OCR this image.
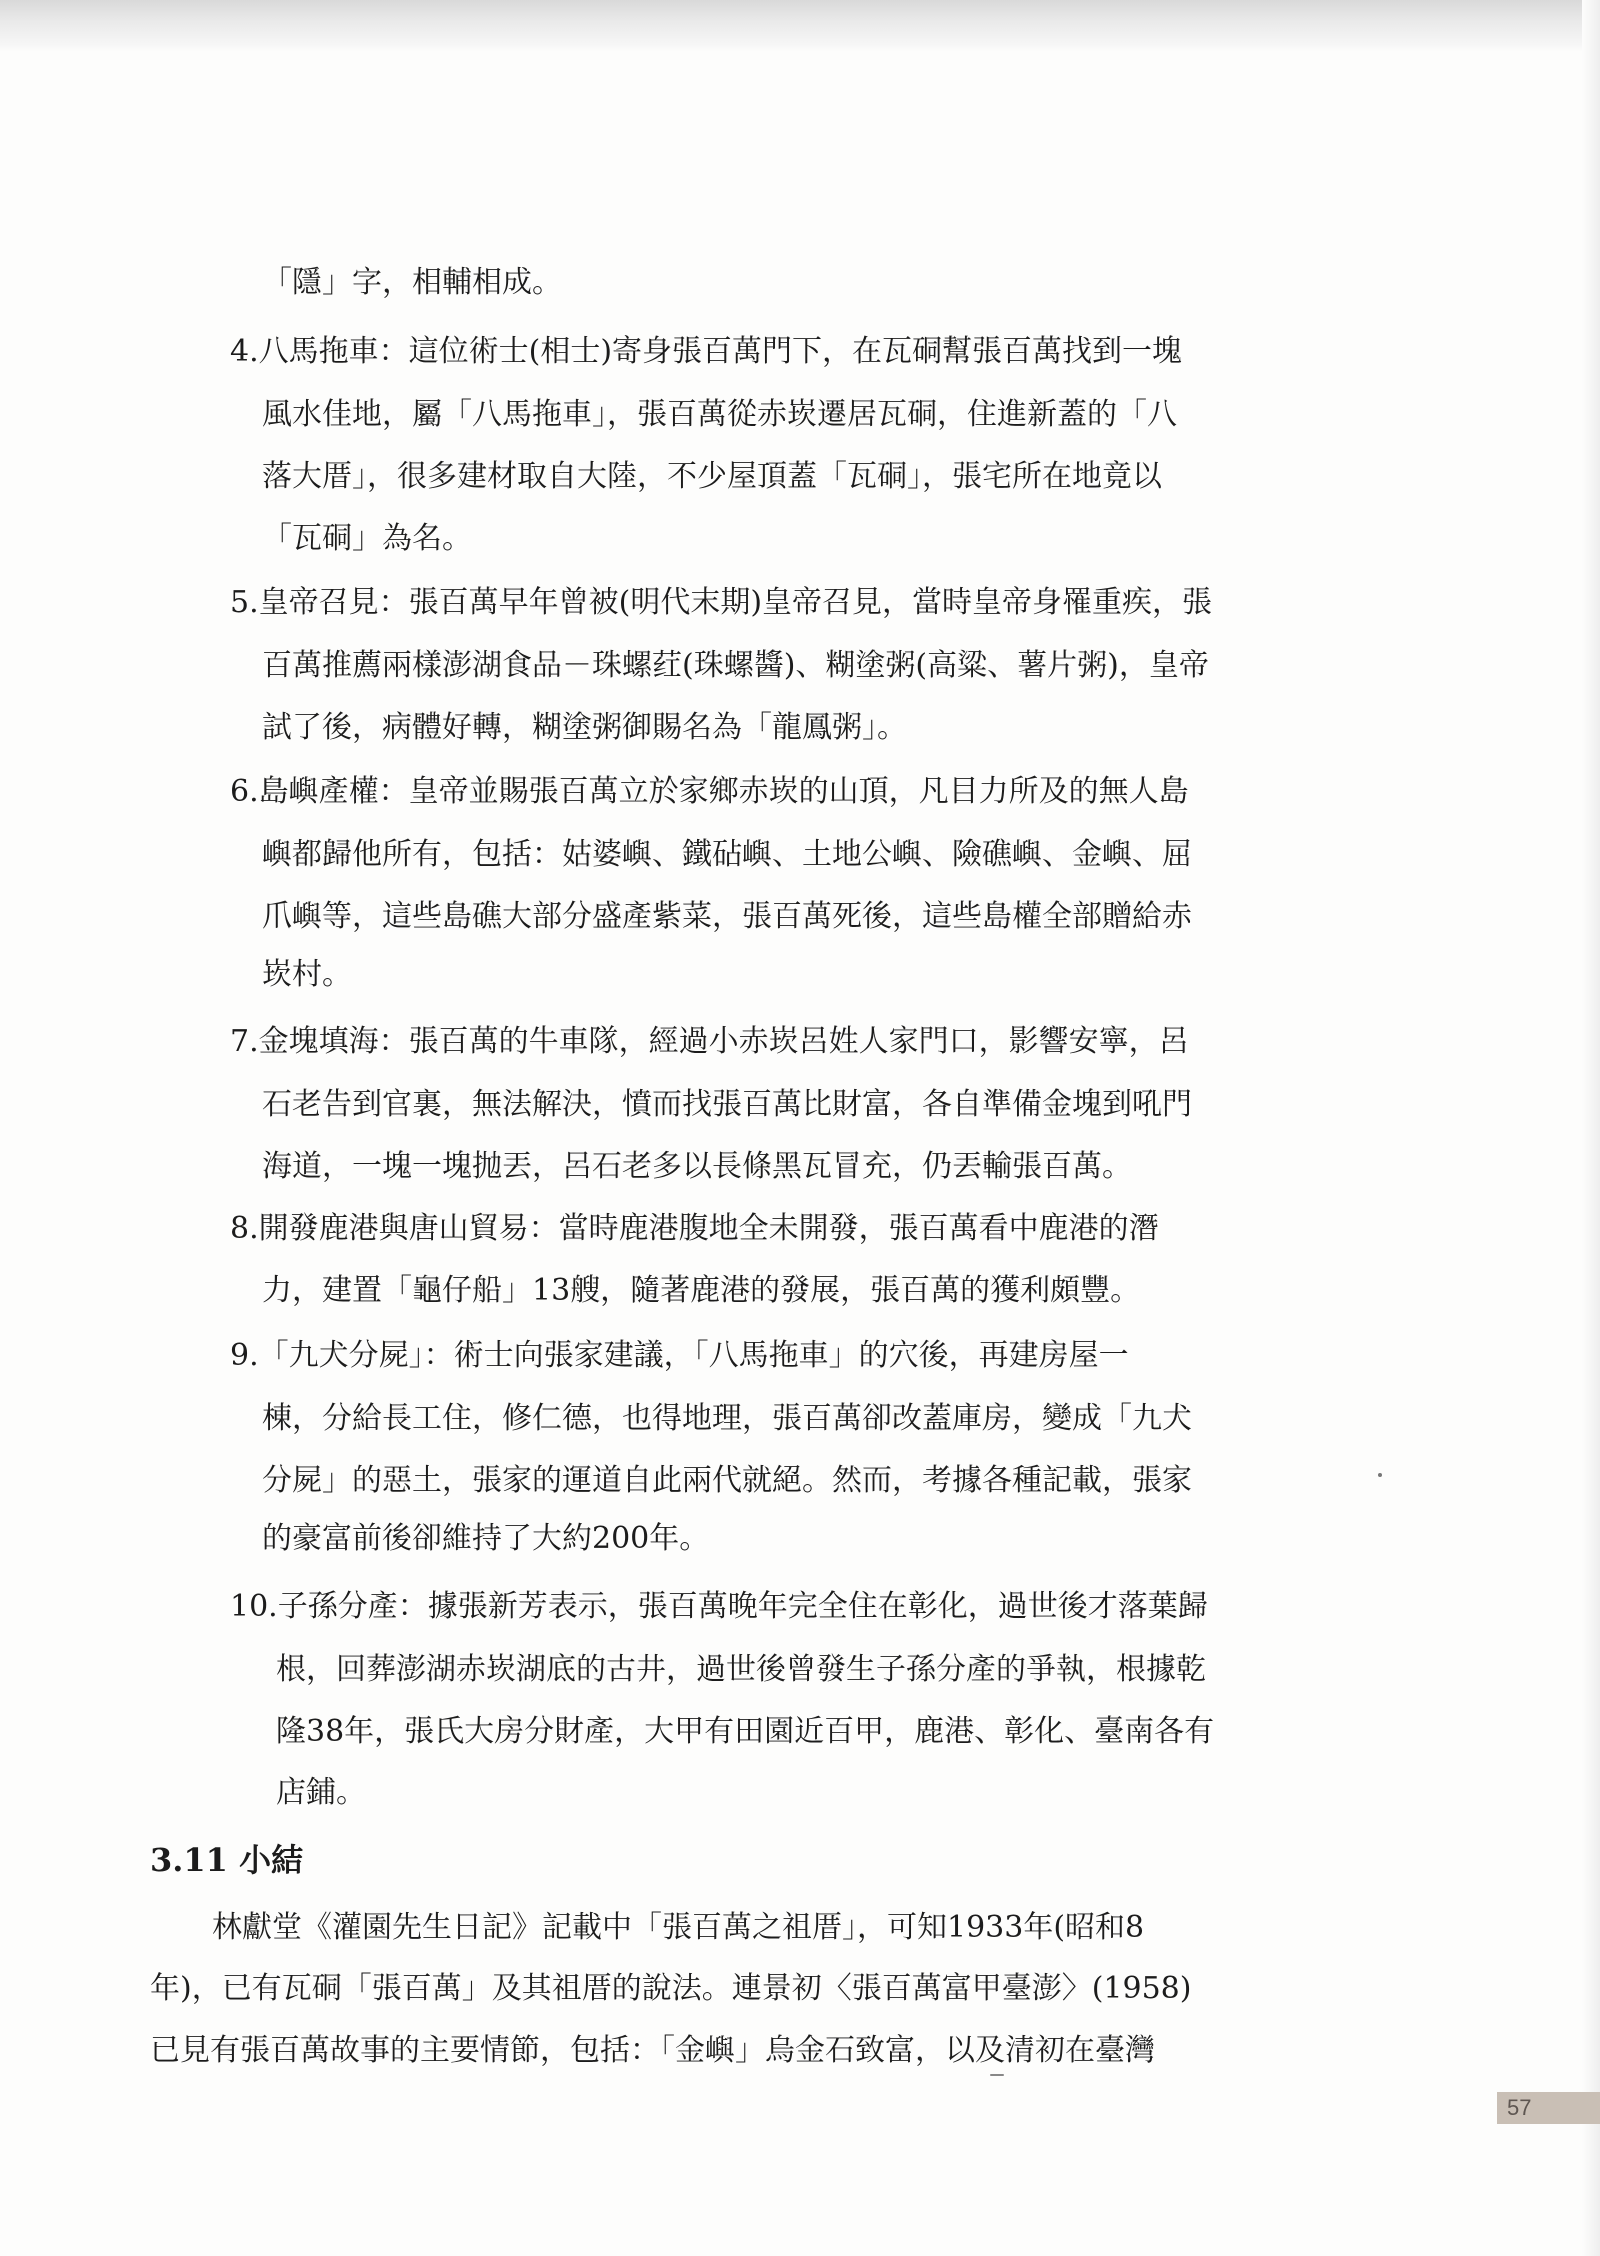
「隱」字，相輔相成。

4.八馬拖車：這位術士(相士)寄身張百萬門下，在瓦硐幫張百萬找到一塊

風水佳地，屬「八馬拖車」，張百萬從赤崁遷居瓦硐，住進新蓋的「八

落大厝」，很多建材取自大陸，不少屋頂蓋「瓦硐」，張宅所在地竟以

「瓦硐」為名。

5.皇帝召見：張百萬早年曾被(明代末期)皇帝召見，當時皇帝身罹重疾，張

百萬推薦兩樣澎湖食品－珠螺荭(珠螺醬)、糊塗粥(高粱、薯片粥)，皇帝

試了後，病體好轉，糊塗粥御賜名為「龍鳳粥」。

6.島嶼產權：皇帝並賜張百萬立於家鄉赤崁的山頂，凡目力所及的無人島

嶼都歸他所有，包括：姑婆嶼、鐵砧嶼、土地公嶼、險礁嶼、金嶼、屈

爪嶼等，這些島礁大部分盛產紫菜，張百萬死後，這些島權全部贈給赤

崁村。

7.金塊填海：張百萬的牛車隊，經過小赤崁呂姓人家門口，影響安寧，呂

石老告到官裏，無法解決，憤而找張百萬比財富，各自準備金塊到吼門

海道，一塊一塊抛丟，呂石老多以長條黑瓦冒充，仍丟輸張百萬。

8.開發鹿港與唐山貿易：當時鹿港腹地全未開發，張百萬看中鹿港的潛

力，建置「龜仔船」13艘，隨著鹿港的發展，張百萬的獲利頗豐。

9.「九犬分屍」：術士向張家建議，「八馬拖車」的穴後，再建房屋一

棟，分給長工住，修仁德，也得地理，張百萬卻改蓋庫房，變成「九犬

分屍」的惡土，張家的運道自此兩代就絕。然而，考據各種記載，張家

的豪富前後卻維持了大約200年。

10.子孫分產：據張新芳表示，張百萬晚年完全住在彰化，過世後才落葉歸

根，回葬澎湖赤崁湖底的古井，過世後曾發生子孫分產的爭執，根據乾

隆38年，張氏大房分財產，大甲有田園近百甲，鹿港、彰化、臺南各有

店鋪。

3.11 小結

林獻堂《灌園先生日記》記載中「張百萬之祖厝」，可知1933年(昭和8

年)，已有瓦硐「張百萬」及其祖厝的說法。連景初〈張百萬富甲臺澎〉(1958)

已見有張百萬故事的主要情節，包括：「金嶼」烏金石致富，以及清初在臺灣

57
